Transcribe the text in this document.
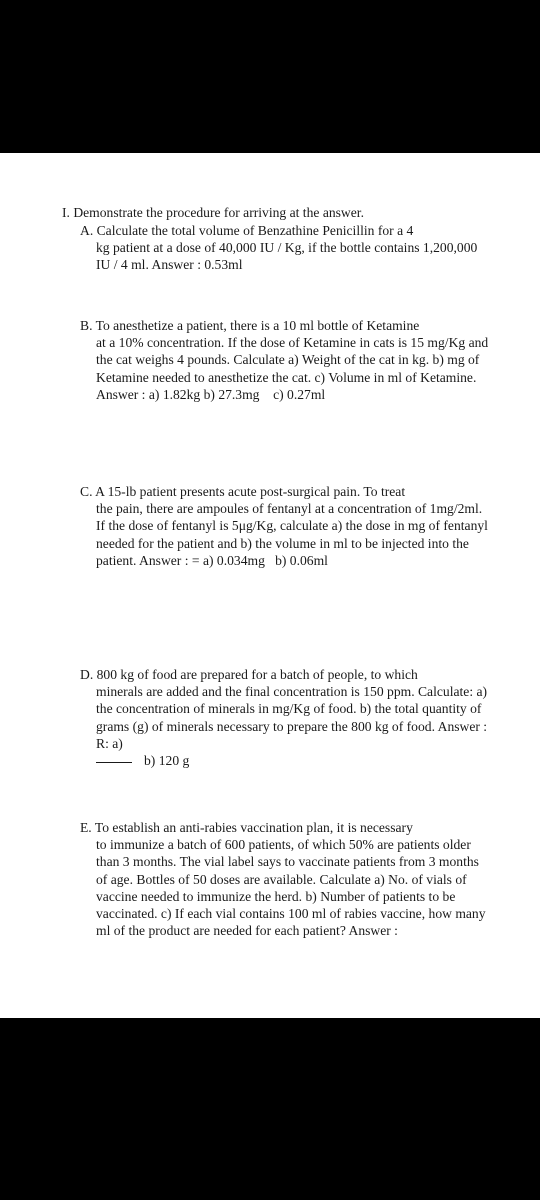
I. Demonstrate the procedure for arriving at the answer.

A. Calculate the total volume of Benzathine Penicillin for a 4
kg patient at a dose of 40,000 IU / Kg, if the bottle contains 1,200,000 IU / 4 ml. Answer : 0.53ml
B. To anesthetize a patient, there is a 10 ml bottle of Ketamine
at a 10% concentration. If the dose of Ketamine in cats is 15 mg/Kg and the cat weighs 4 pounds. Calculate a) Weight of the cat in kg. b) mg of Ketamine needed to anesthetize the cat. c) Volume in ml of Ketamine. Answer : a) 1.82kg b) 27.3mg    c) 0.27ml
C. A 15-lb patient presents acute post-surgical pain. To treat
the pain, there are ampoules of fentanyl at a concentration of 1mg/2ml. If the dose of fentanyl is 5μg/Kg, calculate a) the dose in mg of fentanyl needed for the patient and b) the volume in ml to be injected into the patient. Answer : = a) 0.034mg   b) 0.06ml
D. 800 kg of food are prepared for a batch of people, to which
minerals are added and the final concentration is 150 ppm. Calculate: a) the concentration of minerals in mg/Kg of food. b) the total quantity of grams (g) of minerals necessary to prepare the 800 kg of food. Answer : R: a)
b) 120 g
E. To establish an anti-rabies vaccination plan, it is necessary
to immunize a batch of 600 patients, of which 50% are patients older than 3 months. The vial label says to vaccinate patients from 3 months of age. Bottles of 50 doses are available. Calculate a) No. of vials of vaccine needed to immunize the herd. b) Number of patients to be vaccinated. c) If each vial contains 100 ml of rabies vaccine, how many ml of the product are needed for each patient? Answer :
